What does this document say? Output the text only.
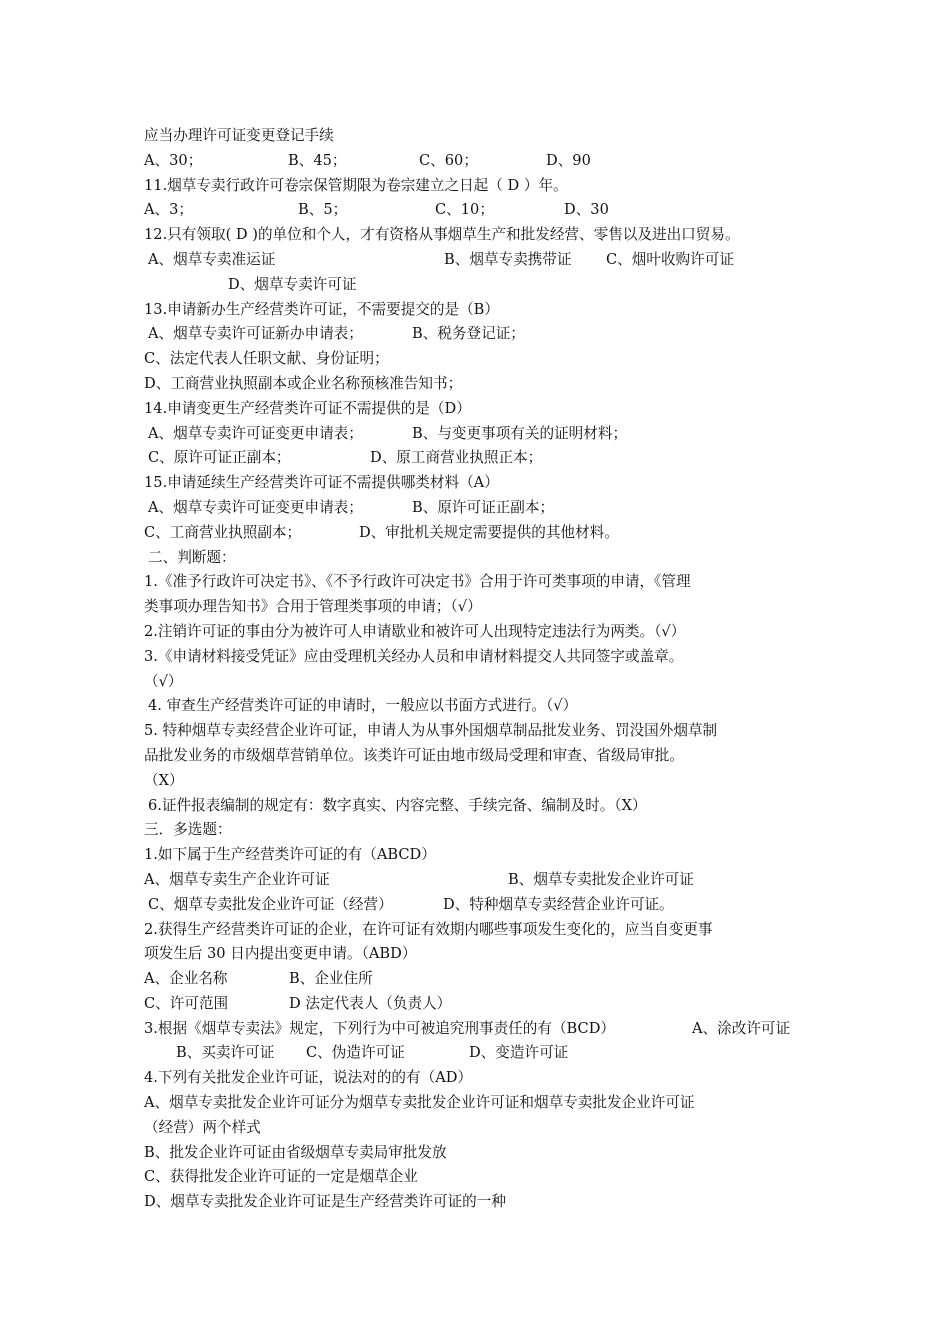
应当办理许可证变更登记手续
A、30；	B、45；	C、60；	D、90
11.烟草专卖行政许可卷宗保管期限为卷宗建立之日起（ D ）年。
A、3；	B、5；	C、10；	D、30
12.只有领取( D )的单位和个人，才有资格从事烟草生产和批发经营、零售以及进出口贸易。
A、烟草专卖准运证	B、烟草专卖携带证 C、烟叶收购许可证
D、烟草专卖许可证
13.申请新办生产经营类许可证，不需要提交的是（B）
A、烟草专卖许可证新办申请表；	B、税务登记证；
C、法定代表人任职文献、身份证明；
D、工商营业执照副本或企业名称预核准告知书；
14.申请变更生产经营类许可证不需提供的是（D）
A、烟草专卖许可证变更申请表；	B、与变更事项有关的证明材料；
C、原许可证正副本；	D、原工商营业执照正本；
15.申请延续生产经营类许可证不需提供哪类材料（A）
A、烟草专卖许可证变更申请表；	B、原许可证正副本；
C、工商营业执照副本；	D、审批机关规定需要提供的其他材料。
二、判断题：
1.《准予行政许可决定书》、《不予行政许可决定书》合用于许可类事项的申请，《管理
类事项办理告知书》合用于管理类事项的申请；（√）
2.注销许可证的事由分为被许可人申请歇业和被许可人出现特定违法行为两类。（√）
3.《申请材料接受凭证》应由受理机关经办人员和申请材料提交人共同签字或盖章。
（√）
4. 审查生产经营类许可证的申请时，一般应以书面方式进行。（√）
5. 特种烟草专卖经营企业许可证，申请人为从事外国烟草制品批发业务、罚没国外烟草制
品批发业务的市级烟草营销单位。该类许可证由地市级局受理和审查、省级局审批。
（X）
6.证件报表编制的规定有：数字真实、内容完整、手续完备、编制及时。（X）
三．多选题：
1.如下属于生产经营类许可证的有（ABCD）
A、烟草专卖生产企业许可证	B、烟草专卖批发企业许可证
C、烟草专卖批发企业许可证（经营）	D、特种烟草专卖经营企业许可证。
2.获得生产经营类许可证的企业，在许可证有效期内哪些事项发生变化的，应当自变更事
项发生后 30 日内提出变更申请。（ABD）
A、企业名称	B、企业住所
C、许可范围	D 法定代表人（负责人）
3.根据《烟草专卖法》规定，下列行为中可被追究刑事责任的有（BCD）	A、涂改许可证
B、买卖许可证 C、伪造许可证	D、变造许可证
4.下列有关批发企业许可证，说法对的的有（AD）
A、烟草专卖批发企业许可证分为烟草专卖批发企业许可证和烟草专卖批发企业许可证
（经营）两个样式
B、批发企业许可证由省级烟草专卖局审批发放
C、获得批发企业许可证的一定是烟草企业
D、烟草专卖批发企业许可证是生产经营类许可证的一种
